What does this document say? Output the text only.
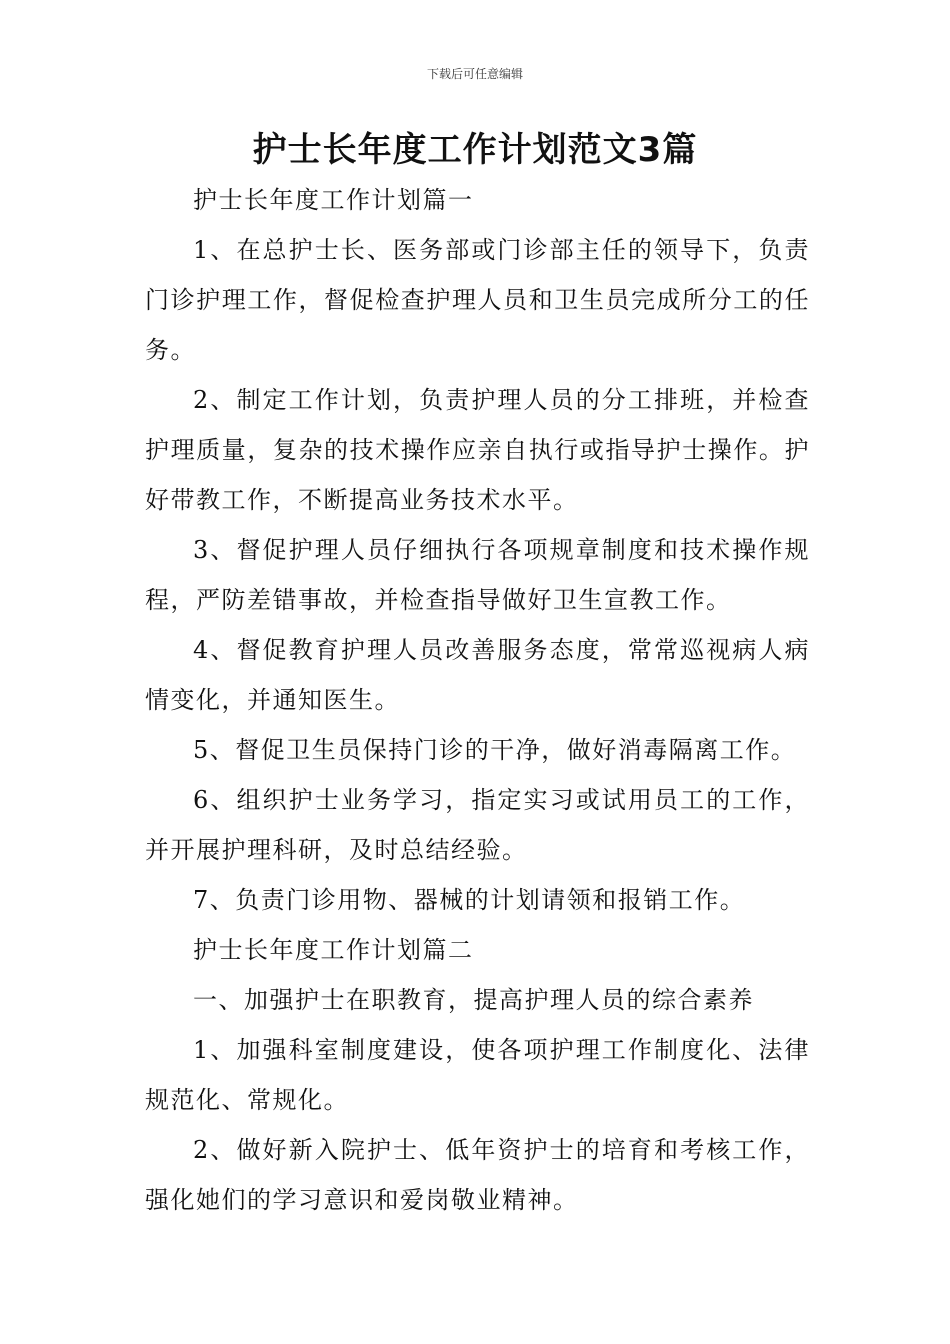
下载后可任意编辑
护士长年度工作计划范文3篇

护士长年度工作计划篇一

1、在总护士长、医务部或门诊部主任的领导下，负责门诊护理工作，督促检查护理人员和卫生员完成所分工的任务。

2、制定工作计划，负责护理人员的分工排班，并检查护理质量，复杂的技术操作应亲自执行或指导护士操作。护好带教工作，不断提高业务技术水平。

3、督促护理人员仔细执行各项规章制度和技术操作规程，严防差错事故，并检查指导做好卫生宣教工作。

4、督促教育护理人员改善服务态度，常常巡视病人病情变化，并通知医生。

5、督促卫生员保持门诊的干净，做好消毒隔离工作。

6、组织护士业务学习，指定实习或试用员工的工作，并开展护理科研，及时总结经验。

7、负责门诊用物、器械的计划请领和报销工作。

护士长年度工作计划篇二

一、加强护士在职教育，提高护理人员的综合素养

1、加强科室制度建设，使各项护理工作制度化、法律规范化、常规化。

2、做好新入院护士、低年资护士的培育和考核工作，强化她们的学习意识和爱岗敬业精神。
